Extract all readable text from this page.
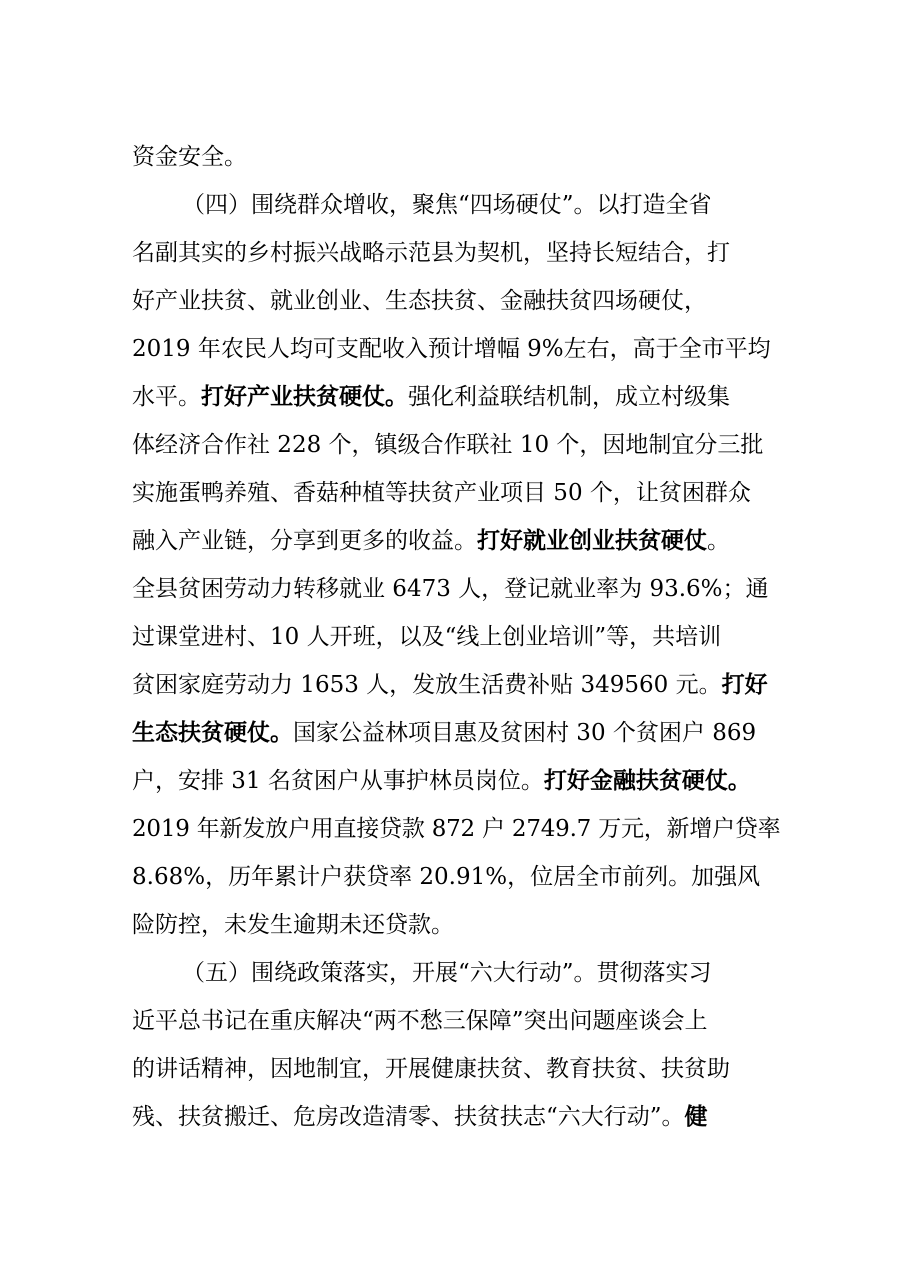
资金安全。
（四）围绕群众增收，聚焦“四场硬仗”。以打造全省
名副其实的乡村振兴战略示范县为契机，坚持长短结合，打
好产业扶贫、就业创业、生态扶贫、金融扶贫四场硬仗，
2019 年农民人均可支配收入预计增幅 9%左右，高于全市平均
水平。打好产业扶贫硬仗。强化利益联结机制，成立村级集
体经济合作社 228 个，镇级合作联社 10 个，因地制宜分三批
实施蛋鸭养殖、香菇种植等扶贫产业项目 50 个，让贫困群众
融入产业链，分享到更多的收益。打好就业创业扶贫硬仗。
全县贫困劳动力转移就业 6473 人，登记就业率为 93.6%；通
过课堂进村、10 人开班，以及“线上创业培训”等，共培训
贫困家庭劳动力 1653 人，发放生活费补贴 349560 元。打好
生态扶贫硬仗。国家公益林项目惠及贫困村 30 个贫困户 869
户，安排 31 名贫困户从事护林员岗位。打好金融扶贫硬仗。
2019 年新发放户用直接贷款 872 户 2749.7 万元，新增户贷率
8.68%，历年累计户获贷率 20.91%，位居全市前列。加强风
险防控，未发生逾期未还贷款。
（五）围绕政策落实，开展“六大行动”。贯彻落实习
近平总书记在重庆解决“两不愁三保障”突出问题座谈会上
的讲话精神，因地制宜，开展健康扶贫、教育扶贫、扶贫助
残、扶贫搬迁、危房改造清零、扶贫扶志“六大行动”。健
